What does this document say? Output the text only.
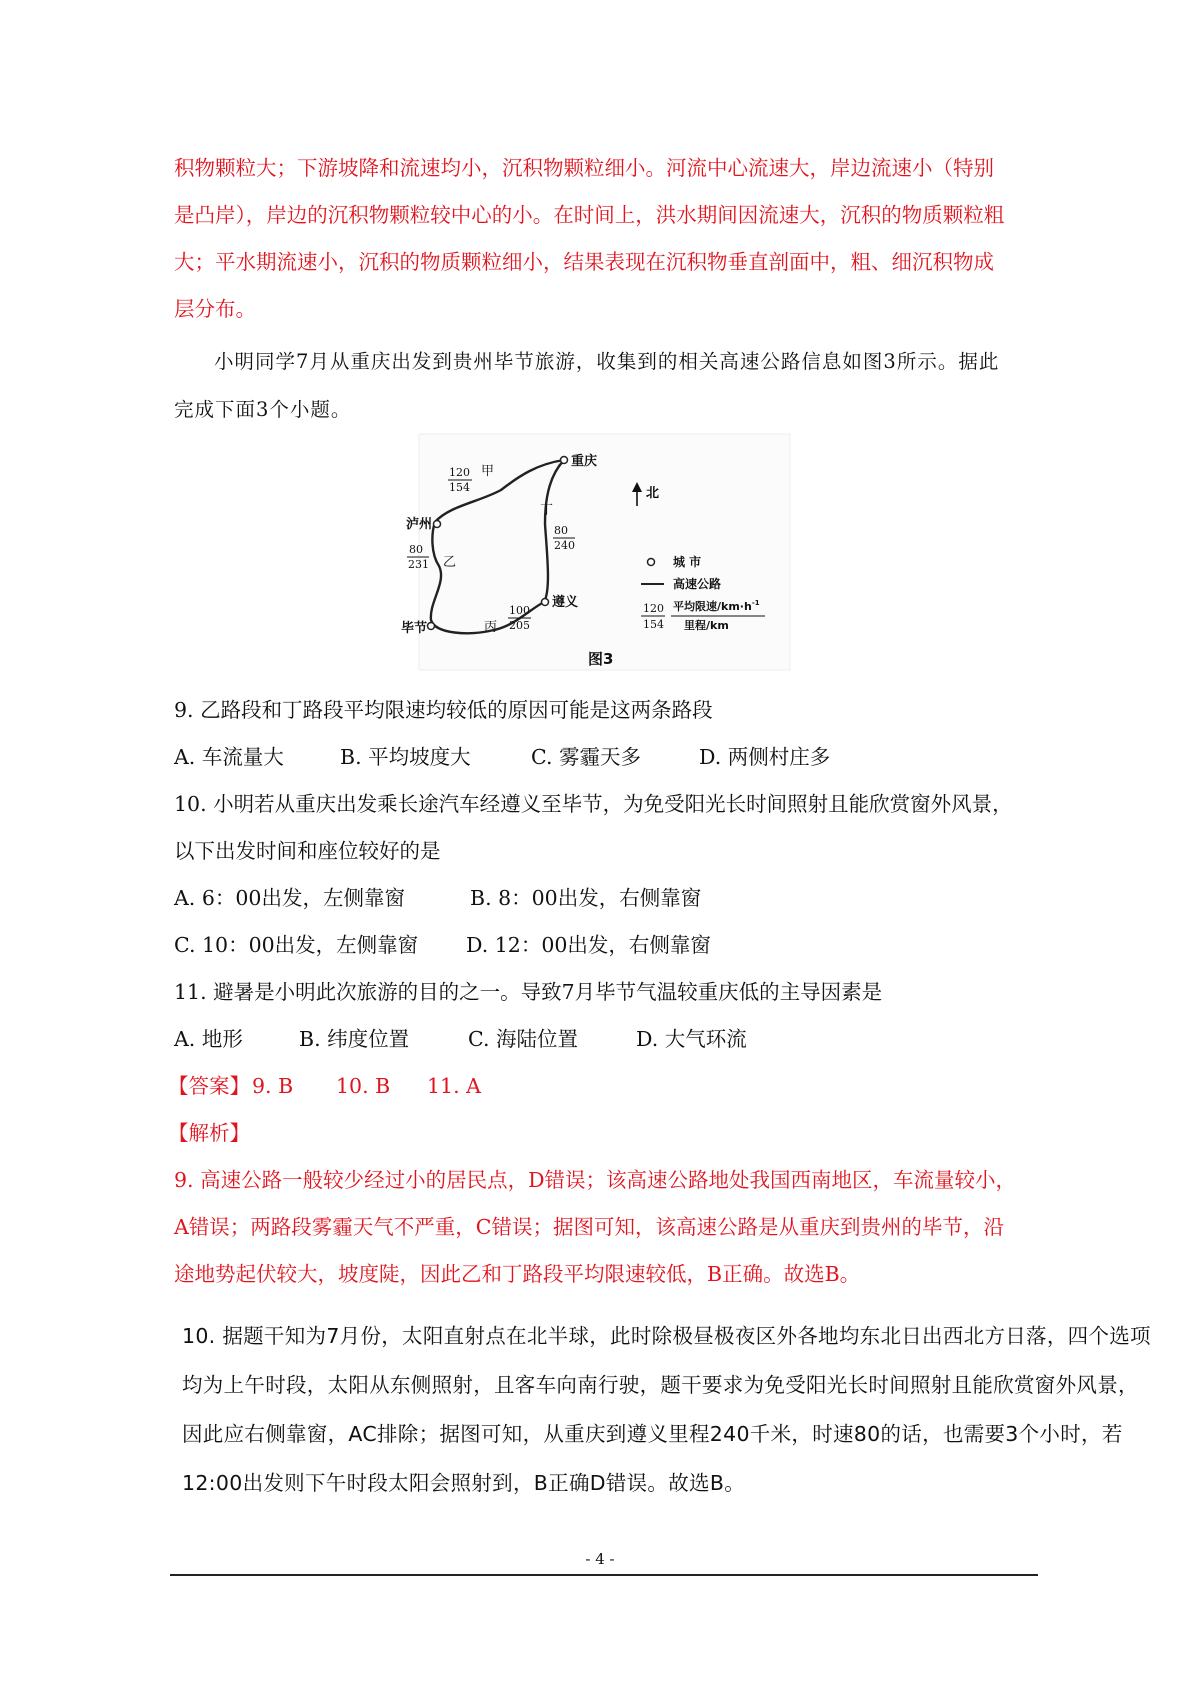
积物颗粒大；下游坡降和流速均小，沉积物颗粒细小。河流中心流速大，岸边流速小（特别
是凸岸），岸边的沉积物颗粒较中心的小。在时间上，洪水期间因流速大，沉积的物质颗粒粗
大；平水期流速小，沉积的物质颗粒细小，结果表现在沉积物垂直剖面中，粗、细沉积物成
层分布。
小明同学7月从重庆出发到贵州毕节旅游，收集到的相关高速公路信息如图3所示。据此
完成下面3个小题。
重庆
泸州
遵义
毕节
120
154
甲
80
231 乙
100
205
丙
丁
80
240
北
城 市
高速公路
120
154
平均限速$/km\cdot h^{-1}$
里程/km
图3
9. 乙路段和丁路段平均限速均较低的原因可能是这两条路段
A. 车流量大	B. 平均坡度大	C. 雾霾天多	D. 两侧村庄多
10. 小明若从重庆出发乘长途汽车经遵义至毕节，为免受阳光长时间照射且能欣赏窗外风景，
以下出发时间和座位较好的是
A. 6：00出发，左侧靠窗	B. 8：00出发，右侧靠窗
C. 10：00出发，左侧靠窗 D. 12：00出发，右侧靠窗
11. 避暑是小明此次旅游的目的之一。导致7月毕节气温较重庆低的主导因素是
A. 地形	B. 纬度位置	C. 海陆位置	D. 大气环流
【答案】 9. B 10. B 11. A
【解析】
9. 高速公路一般较少经过小的居民点，D错误；该高速公路地处我国西南地区，车流量较小，
A错误；两路段雾霾天气不严重，C错误；据图可知，该高速公路是从重庆到贵州的毕节，沿
途地势起伏较大，坡度陡，因此乙和丁路段平均限速较低，B正确。故选B。
10. 据题干知为7月份，太阳直射点在北半球，此时除极昼极夜区外各地均东北日出西北方日落，四个选项
均为上午时段，太阳从东侧照射，且客车向南行驶，题干要求为免受阳光长时间照射且能欣赏窗外风景，
因此应右侧靠窗，AC排除；据图可知，从重庆到遵义里程240千米，时速80的话，也需要3个小时，若
12:00出发则下午时段太阳会照射到，B正确D错误。故选B。
- 4 -
